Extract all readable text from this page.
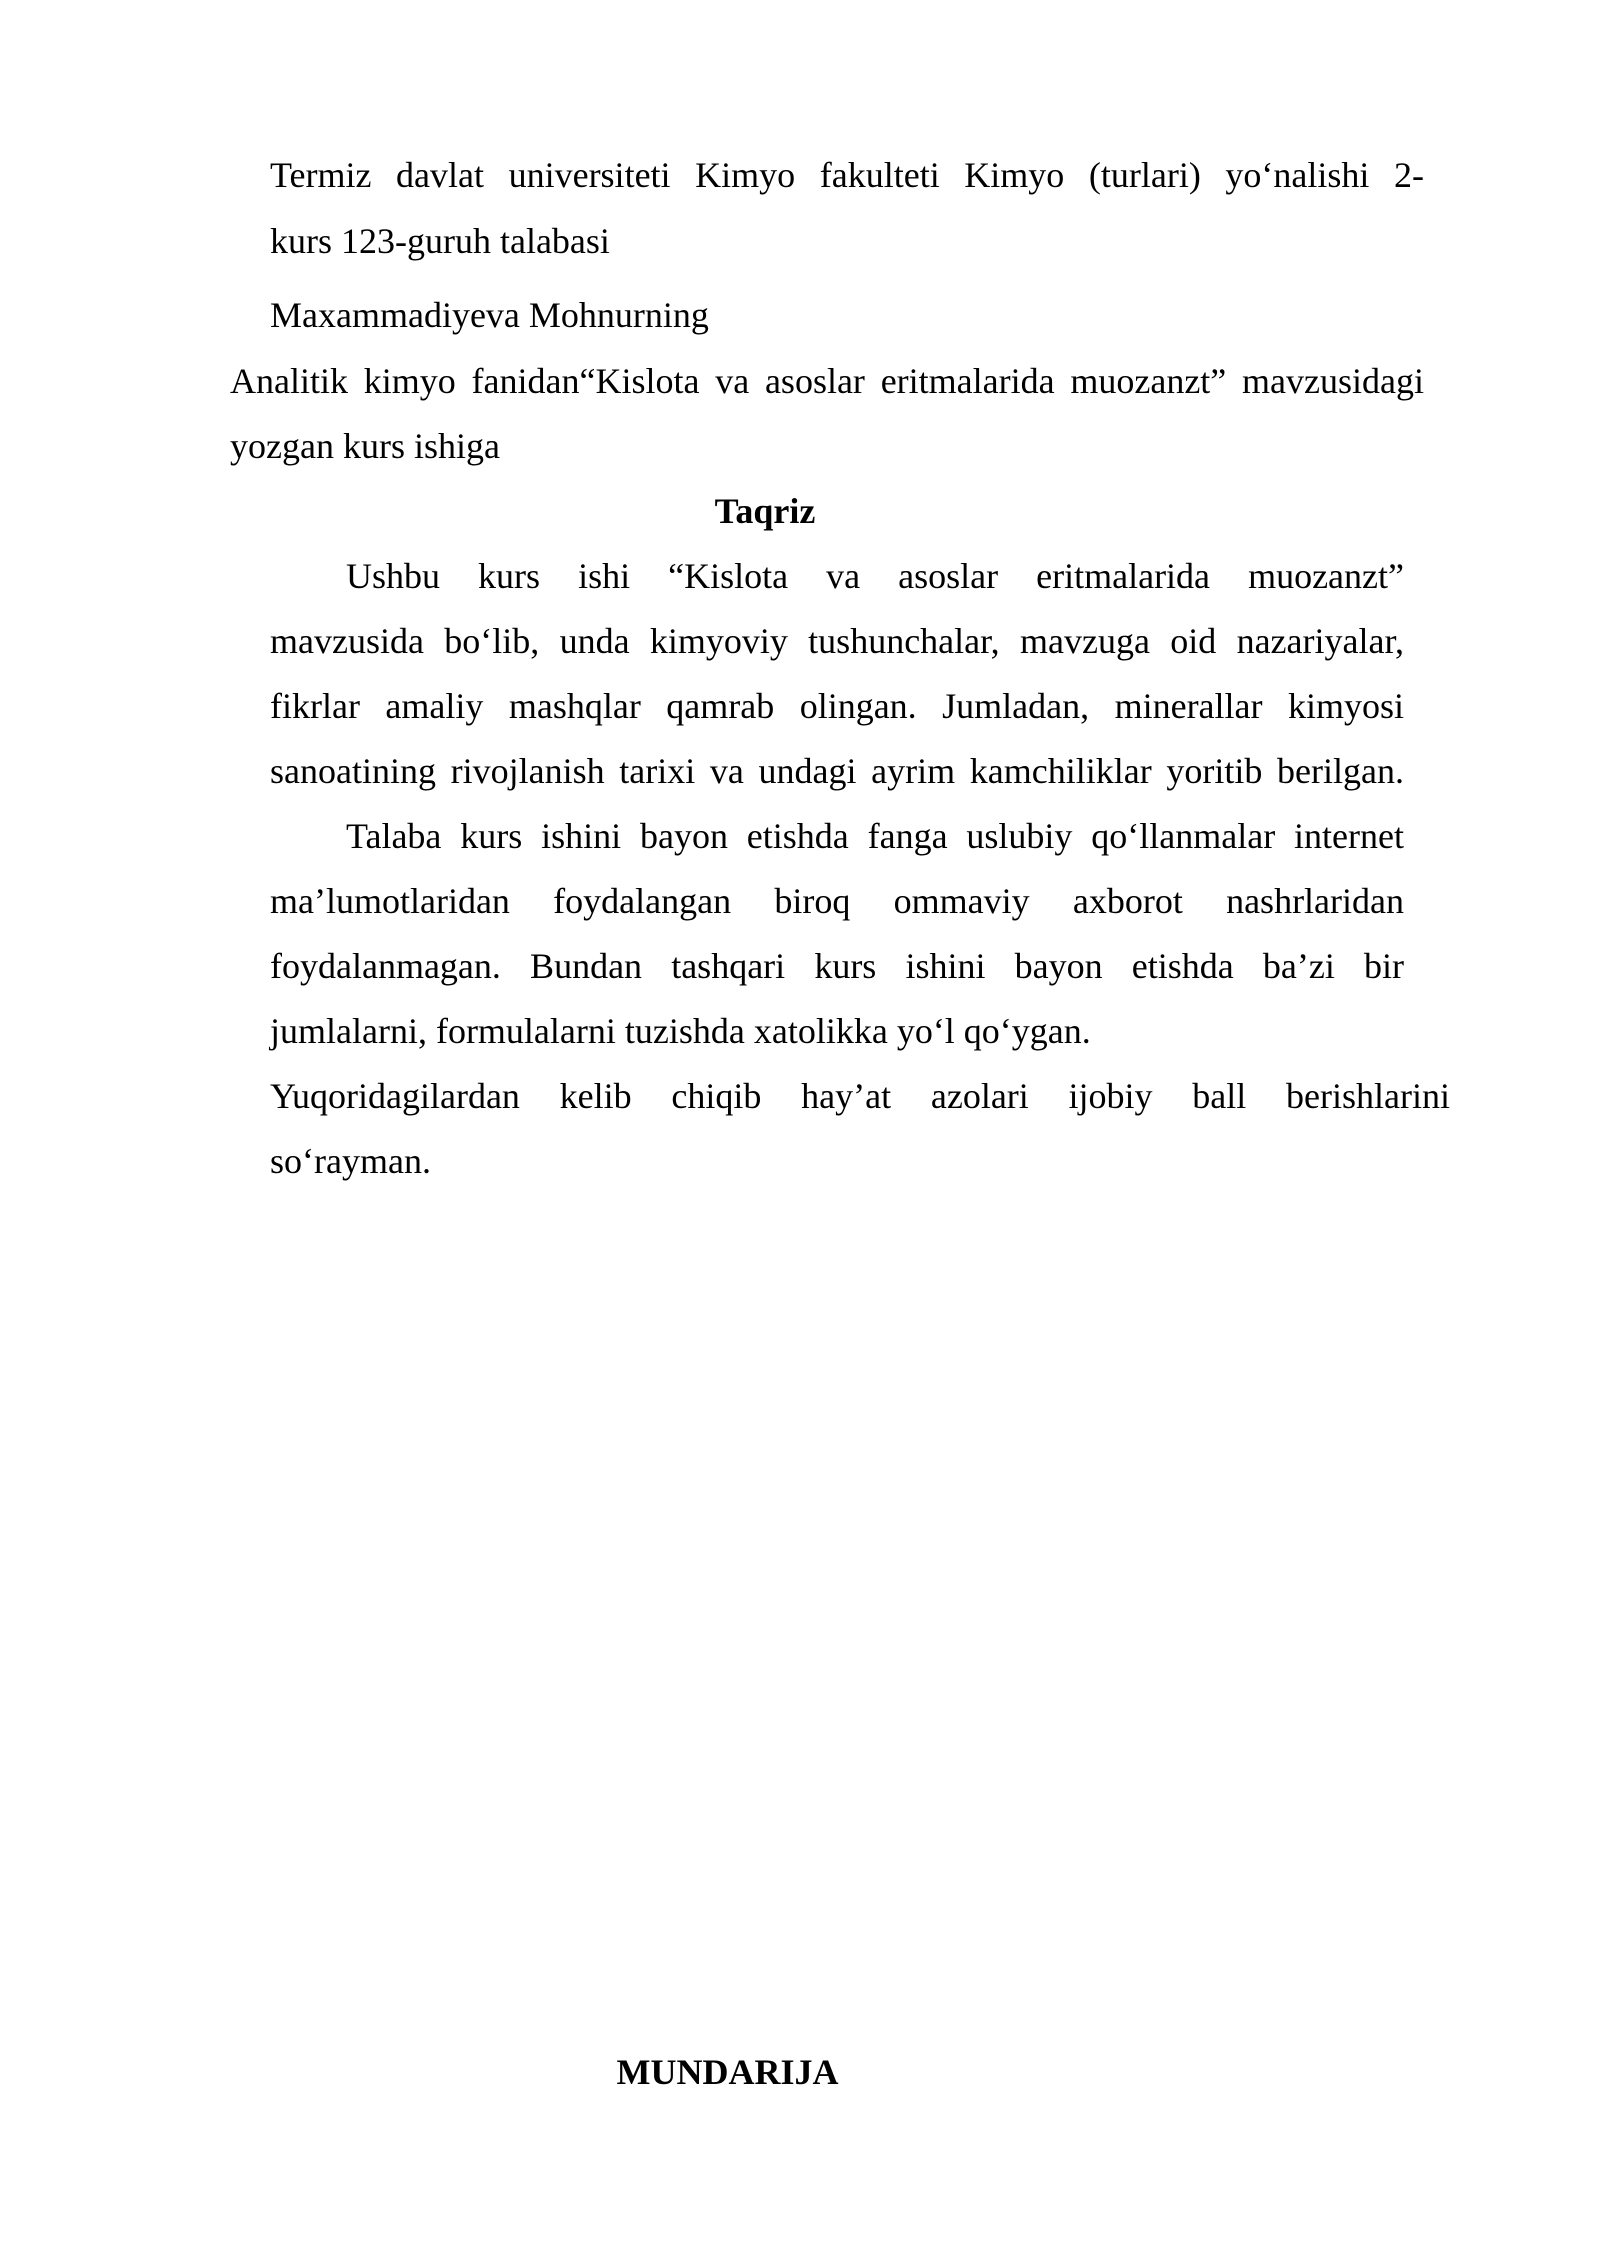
Termiz davlat universiteti Kimyo fakulteti Kimyo (turlari) yo‘nalishi 2-
kurs 123-guruh talabasi
Maxammadiyeva Mohnurning
Analitik kimyo fanidan“Kislota va asoslar eritmalarida muozanzt” mavzusidagi
yozgan kurs ishiga
Taqriz
Ushbu kurs ishi “Kislota va asoslar eritmalarida muozanzt”
mavzusida bo‘lib, unda kimyoviy tushunchalar, mavzuga oid nazariyalar,
fikrlar amaliy mashqlar qamrab olingan. Jumladan, minerallar kimyosi
sanoatining rivojlanish tarixi va undagi ayrim kamchiliklar yoritib berilgan.
Talaba kurs ishini bayon etishda fanga uslubiy qo‘llanmalar internet
ma’lumotlaridan foydalangan biroq ommaviy axborot nashrlaridan
foydalanmagan. Bundan tashqari kurs ishini bayon etishda ba’zi bir
jumlalarni, formulalarni tuzishda xatolikka yo‘l qo‘ygan.
Yuqoridagilardan kelib chiqib hay’at azolari ijobiy ball berishlarini
so‘rayman.
MUNDARIJA
